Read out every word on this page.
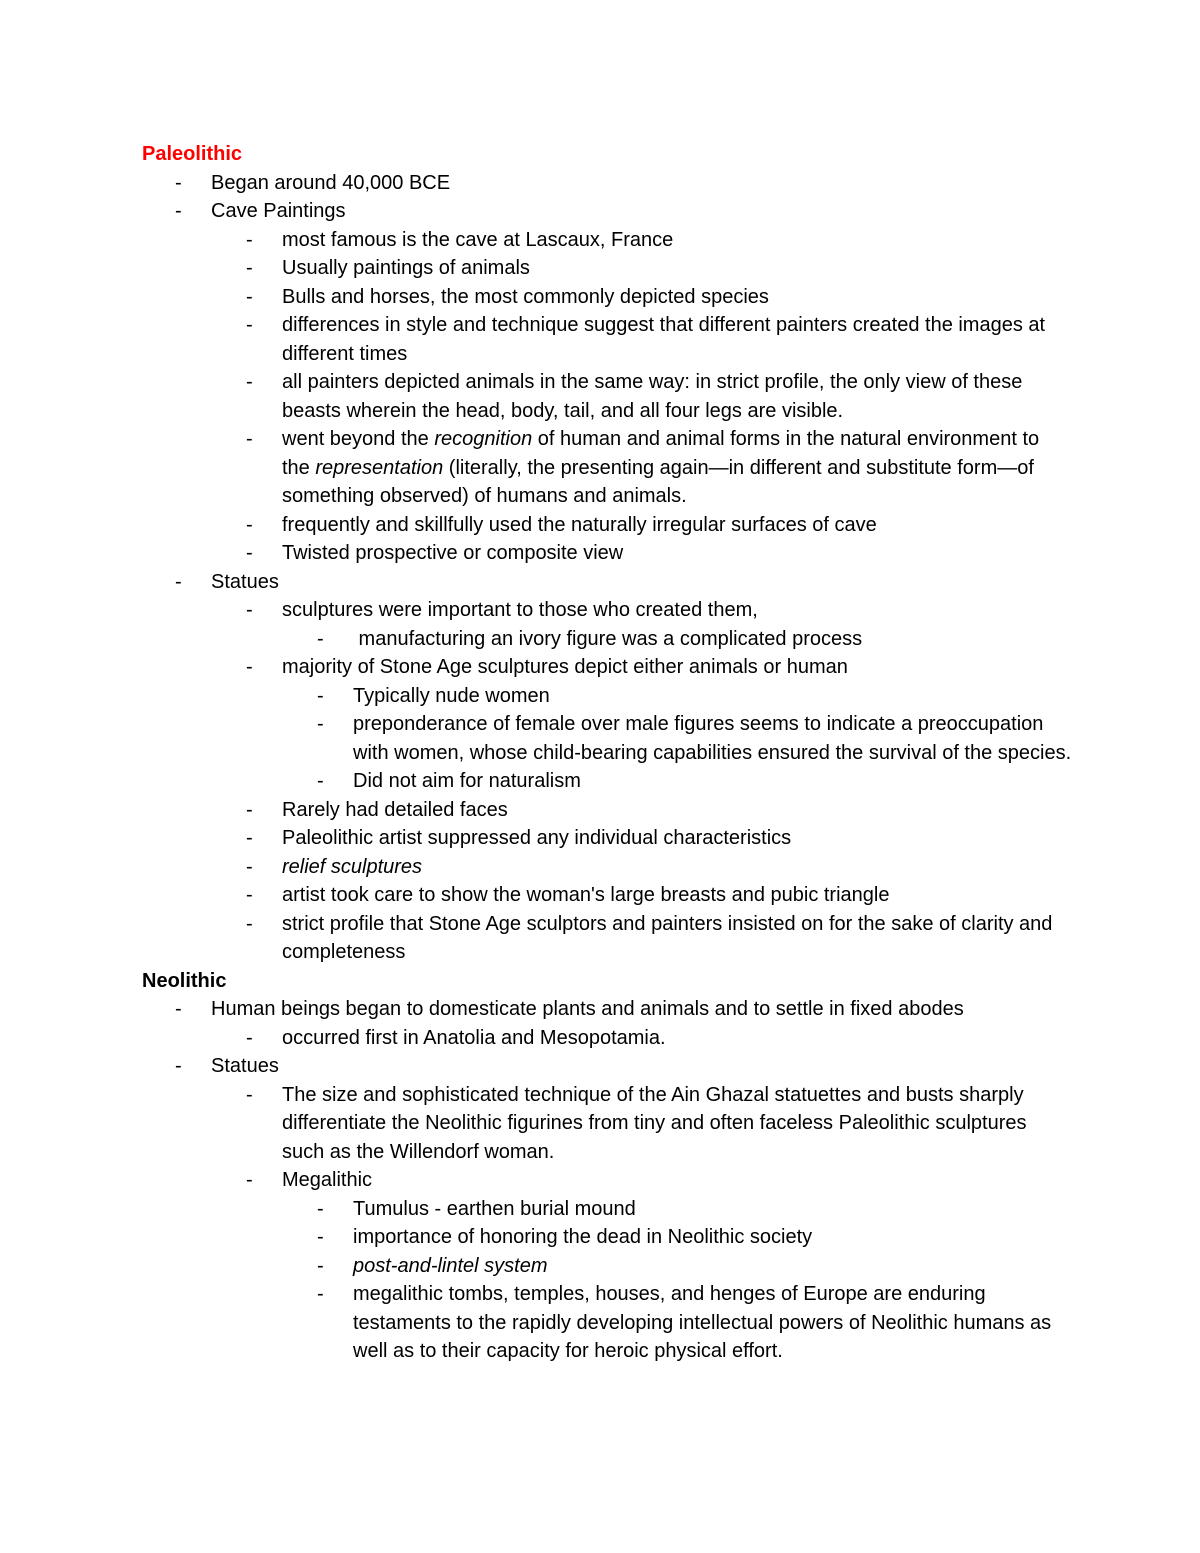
Paleolithic
- Began around 40,000 BCE
- Cave Paintings
- most famous is the cave at Lascaux, France
- Usually paintings of animals
- Bulls and horses, the most commonly depicted species
- differences in style and technique suggest that different painters created the images at different times
- all painters depicted animals in the same way: in strict profile, the only view of these beasts wherein the head, body, tail, and all four legs are visible.
- went beyond the recognition of human and animal forms in the natural environment to the representation (literally, the presenting again—in different and substitute form—of something observed) of humans and animals.
- frequently and skillfully used the naturally irregular surfaces of cave
- Twisted prospective or composite view
- Statues
- sculptures were important to those who created them,
- manufacturing an ivory figure was a complicated process
- majority of Stone Age sculptures depict either animals or human
- Typically nude women
- preponderance of female over male figures seems to indicate a preoccupation with women, whose child-bearing capabilities ensured the survival of the species.
- Did not aim for naturalism
- Rarely had detailed faces
- Paleolithic artist suppressed any individual characteristics
- relief sculptures
- artist took care to show the woman's large breasts and pubic triangle
- strict profile that Stone Age sculptors and painters insisted on for the sake of clarity and completeness
Neolithic
- Human beings began to domesticate plants and animals and to settle in fixed abodes
- occurred first in Anatolia and Mesopotamia.
- Statues
- The size and sophisticated technique of the Ain Ghazal statuettes and busts sharply differentiate the Neolithic figurines from tiny and often faceless Paleolithic sculptures such as the Willendorf woman.
- Megalithic
- Tumulus - earthen burial mound
- importance of honoring the dead in Neolithic society
- post-and-lintel system
- megalithic tombs, temples, houses, and henges of Europe are enduring testaments to the rapidly developing intellectual powers of Neolithic humans as well as to their capacity for heroic physical effort.
